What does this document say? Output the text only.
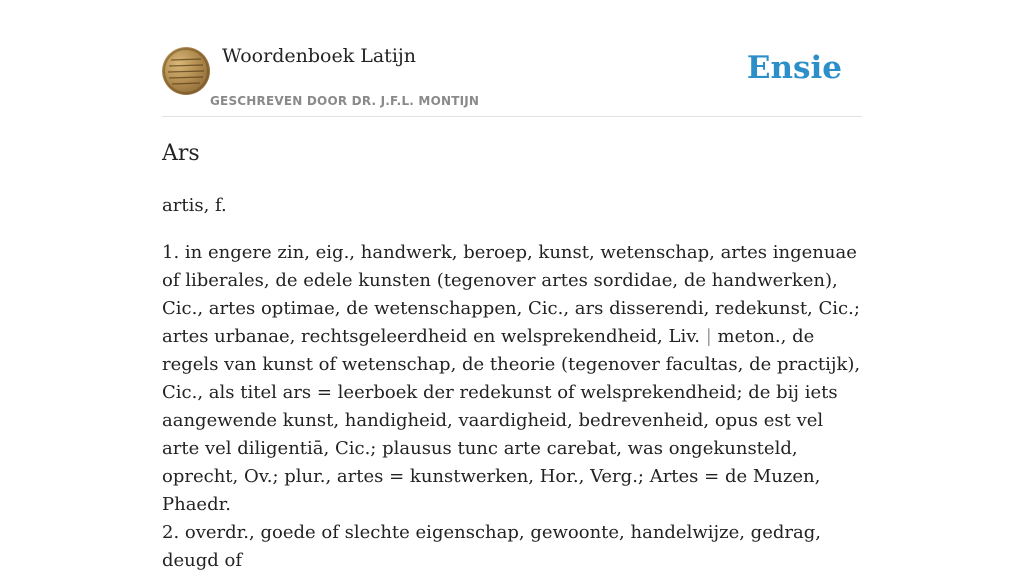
Woordenboek Latijn
GESCHREVEN DOOR DR. J.F.L. MONTIJN
Ensie
Ars

artis, f.

1. in engere zin, eig., handwerk, beroep, kunst, wetenschap, artes ingenuae of liberales, de edele kunsten (tegenover artes sordidae, de handwerken), Cic., artes optimae, de wetenschappen, Cic., ars disserendi, redekunst, Cic.; artes urbanae, rechtsgeleerdheid en welsprekendheid, Liv. | meton., de regels van kunst of wetenschap, de theorie (tegenover facultas, de practijk), Cic., als titel ars = leerboek der redekunst of welsprekendheid; de bij iets aangewende kunst, handigheid, vaardigheid, bedrevenheid, opus est vel arte vel diligentiā, Cic.; plausus tunc arte carebat, was ongekunsteld, oprecht, Ov.; plur., artes = kunstwerken, Hor., Verg.; Artes = de Muzen, Phaedr.

2. overdr., goede of slechte eigenschap, gewoonte, handelwijze, gedrag, deugd of
